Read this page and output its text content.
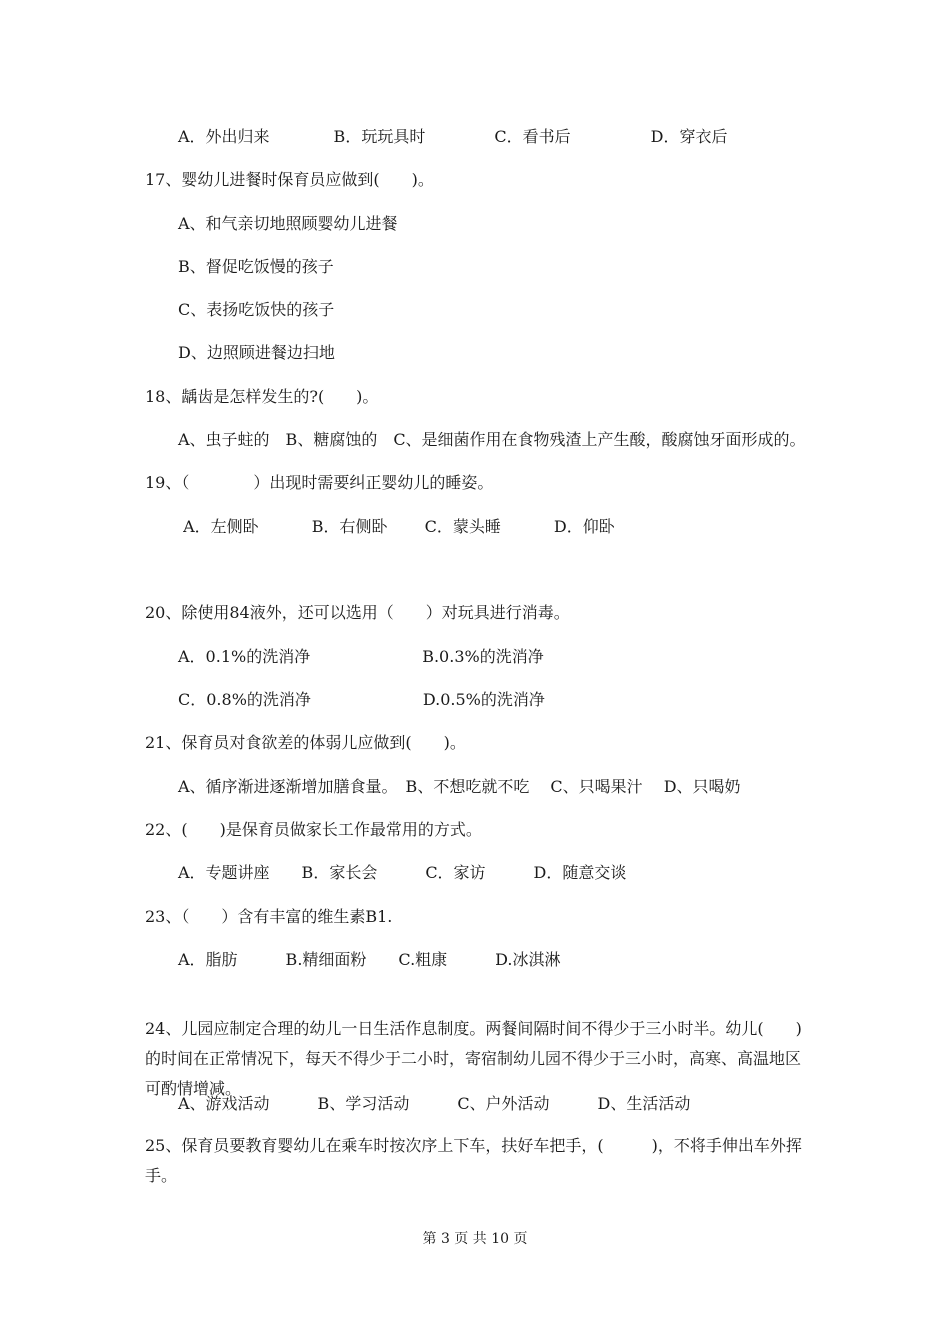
A．外出归来　　　　B．玩玩具时　　　　 C．看书后　　　　　D．穿衣后
17、婴幼儿进餐时保育员应做到(　　)。
A、和气亲切地照顾婴幼儿进餐
B、督促吃饭慢的孩子
C、表扬吃饭快的孩子
D、边照顾进餐边扫地
18、龋齿是怎样发生的?(　　)。
A、虫子蛀的　B、糖腐蚀的　C、是细菌作用在食物残渣上产生酸，酸腐蚀牙面形成的。
19、（　　　　）出现时需要纠正婴幼儿的睡姿。
A．左侧卧　　　 B．右侧卧　　 C．蒙头睡　　　 D．仰卧
20、除使用84液外，还可以选用（　　）对玩具进行消毒。
A．0.1%的洗消净　　　　　　　B.0.3%的洗消净
C．0.8%的洗消净　　　　　　　D.0.5%的洗消净
21、保育员对食欲差的体弱儿应做到(　　)。
A、循序渐进逐渐增加膳食量。　B、不想吃就不吃　 C、只喝果汁　 D、只喝奶
22、(　　)是保育员做家长工作最常用的方式。
A．专题讲座　　B．家长会　　　C．家访　　　D．随意交谈
23、（　　）含有丰富的维生素B1.
A．脂肪　　　B.精细面粉　　C.粗康　　　D.冰淇淋
24、儿园应制定合理的幼儿一日生活作息制度。两餐间隔时间不得少于三小时半。幼儿(　　)的时间在正常情况下，每天不得少于二小时，寄宿制幼儿园不得少于三小时，高寒、高温地区可酌情增减。
A、游戏活动　　　B、学习活动　　　C、户外活动　　　D、生活活动
25、保育员要教育婴幼儿在乘车时按次序上下车，扶好车把手，(　　　)，不将手伸出车外挥手。
第 3 页 共 10 页
